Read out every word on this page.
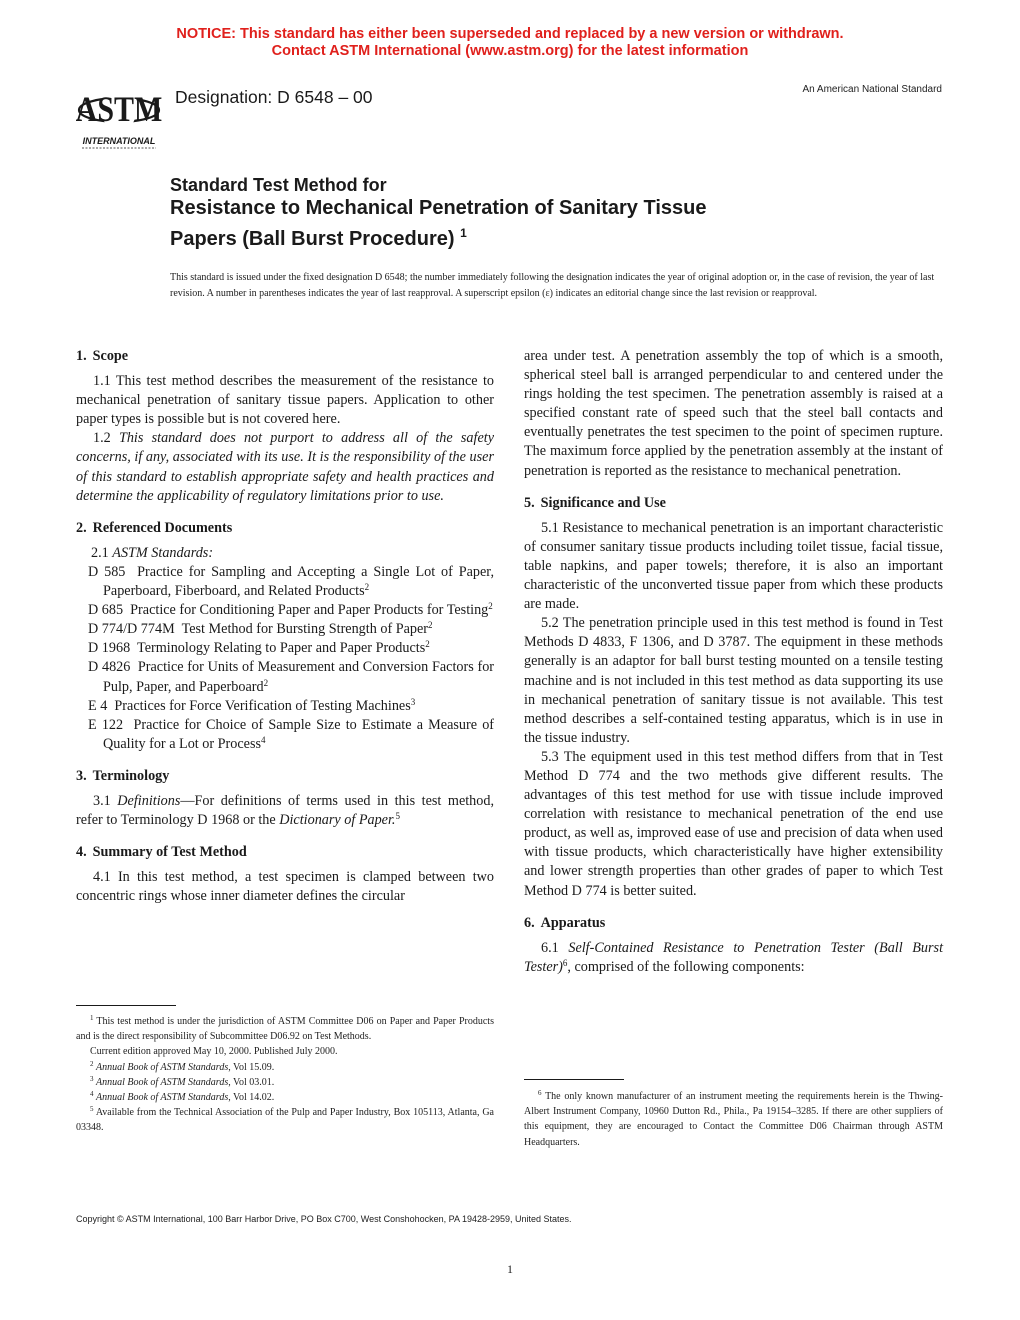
NOTICE: This standard has either been superseded and replaced by a new version or withdrawn.
Contact ASTM International (www.astm.org) for the latest information
ASTM
INTERNATIONAL
Designation: D 6548 – 00	An American National Standard
Standard Test Method for
Resistance to Mechanical Penetration of Sanitary Tissue
Papers (Ball Burst Procedure) $^1$
This standard is issued under the fixed designation D 6548; the number immediately following the designation indicates the year of original adoption or, in the case of revision, the year of last revision. A number in parentheses indicates the year of last reapproval. A superscript epsilon (ε) indicates an editorial change since the last revision or reapproval.

1. Scope

1.1 This test method describes the measurement of the resistance to mechanical penetration of sanitary tissue papers. Application to other paper types is possible but is not covered here.

1.2 This standard does not purport to address all of the safety concerns, if any, associated with its use. It is the responsibility of the user of this standard to establish appropriate safety and health practices and determine the applicability of regulatory limitations prior to use.

2. Referenced Documents

2.1 ASTM Standards:

D 585 Practice for Sampling and Accepting a Single Lot of Paper, Paperboard, Fiberboard, and Related Products$^2$

D 685 Practice for Conditioning Paper and Paper Products for Testing$^2$

D 774/D 774M Test Method for Bursting Strength of Paper$^2$

D 1968 Terminology Relating to Paper and Paper Products$^2$

D 4826 Practice for Units of Measurement and Conversion Factors for Pulp, Paper, and Paperboard$^2$

E 4 Practices for Force Verification of Testing Machines$^3$

E 122 Practice for Choice of Sample Size to Estimate a Measure of Quality for a Lot or Process$^4$

3. Terminology

3.1 Definitions—For definitions of terms used in this test method, refer to Terminology D 1968 or the Dictionary of Paper.$^5$

4. Summary of Test Method

4.1 In this test method, a test specimen is clamped between two concentric rings whose inner diameter defines the circular

$^1$ This test method is under the jurisdiction of ASTM Committee D06 on Paper and Paper Products and is the direct responsibility of Subcommittee D06.92 on Test Methods.

Current edition approved May 10, 2000. Published July 2000.

$^2$ Annual Book of ASTM Standards, Vol 15.09.

$^3$ Annual Book of ASTM Standards, Vol 03.01.

$^4$ Annual Book of ASTM Standards, Vol 14.02.

$^5$ Available from the Technical Association of the Pulp and Paper Industry, Box 105113, Atlanta, Ga 03348.

area under test. A penetration assembly the top of which is a smooth, spherical steel ball is arranged perpendicular to and centered under the rings holding the test specimen. The penetration assembly is raised at a specified constant rate of speed such that the steel ball contacts and eventually penetrates the test specimen to the point of specimen rupture. The maximum force applied by the penetration assembly at the instant of penetration is reported as the resistance to mechanical penetration.

5. Significance and Use

5.1 Resistance to mechanical penetration is an important characteristic of consumer sanitary tissue products including toilet tissue, facial tissue, table napkins, and paper towels; therefore, it is also an important characteristic of the unconverted tissue paper from which these products are made.

5.2 The penetration principle used in this test method is found in Test Methods D 4833, F 1306, and D 3787. The equipment in these methods generally is an adaptor for ball burst testing mounted on a tensile testing machine and is not included in this test method as data supporting its use in mechanical penetration of sanitary tissue is not available. This test method describes a self-contained testing apparatus, which is in use in the tissue industry.

5.3 The equipment used in this test method differs from that in Test Method D 774 and the two methods give different results. The advantages of this test method for use with tissue include improved correlation with resistance to mechanical penetration of the end use product, as well as, improved ease of use and precision of data when used with tissue products, which characteristically have higher extensibility and lower strength properties than other grades of paper to which Test Method D 774 is better suited.

6. Apparatus

6.1 Self-Contained Resistance to Penetration Tester (Ball Burst Tester)$^6$, comprised of the following components:

$^6$ The only known manufacturer of an instrument meeting the requirements herein is the Thwing-Albert Instrument Company, 10960 Dutton Rd., Phila., Pa 19154–3285. If there are other suppliers of this equipment, they are encouraged to Contact the Committee D06 Chairman through ASTM Headquarters.

Copyright © ASTM International, 100 Barr Harbor Drive, PO Box C700, West Conshohocken, PA 19428-2959, United States.
1
